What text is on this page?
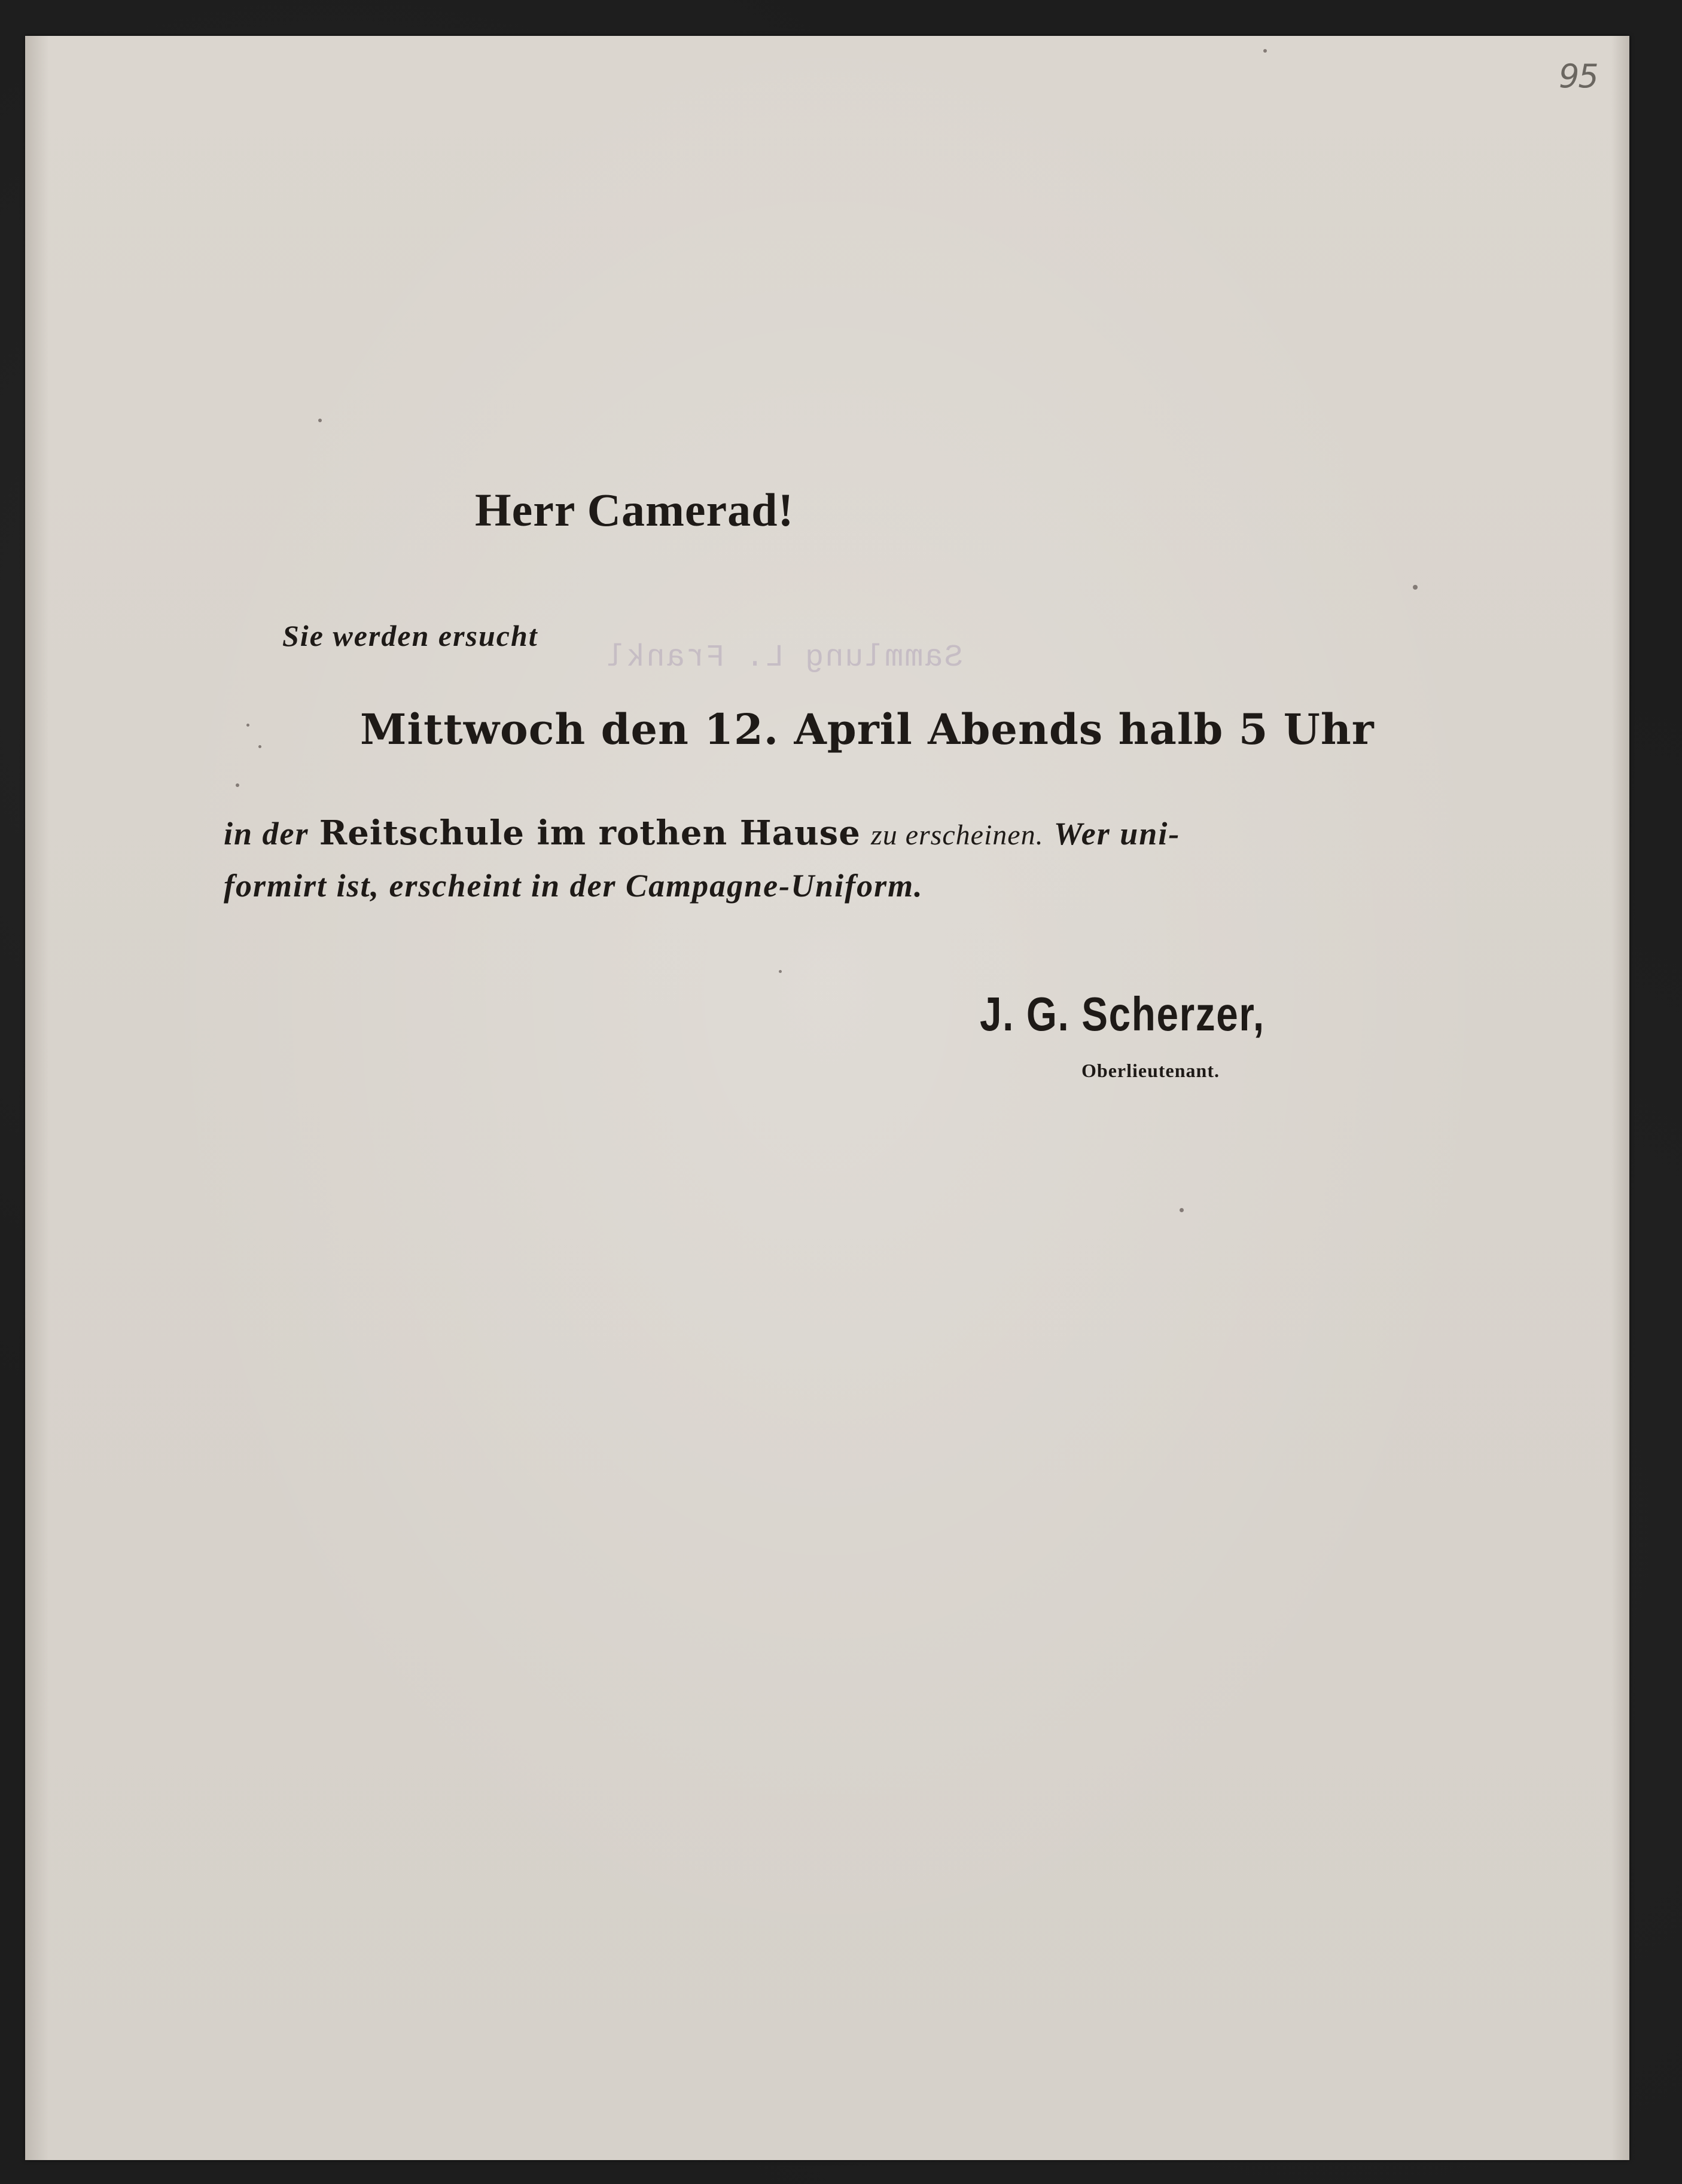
95
Sammlung L. Frankl
Herr Camerad!
Sie werden ersucht
Mittwoch den 12. April Abends halb 5 Uhr
in der Reitschule im rothen Hause zu erscheinen. Wer uni-
formirt ist, erscheint in der Campagne-Uniform.
J. G. Scherzer,
Oberlieutenant.
